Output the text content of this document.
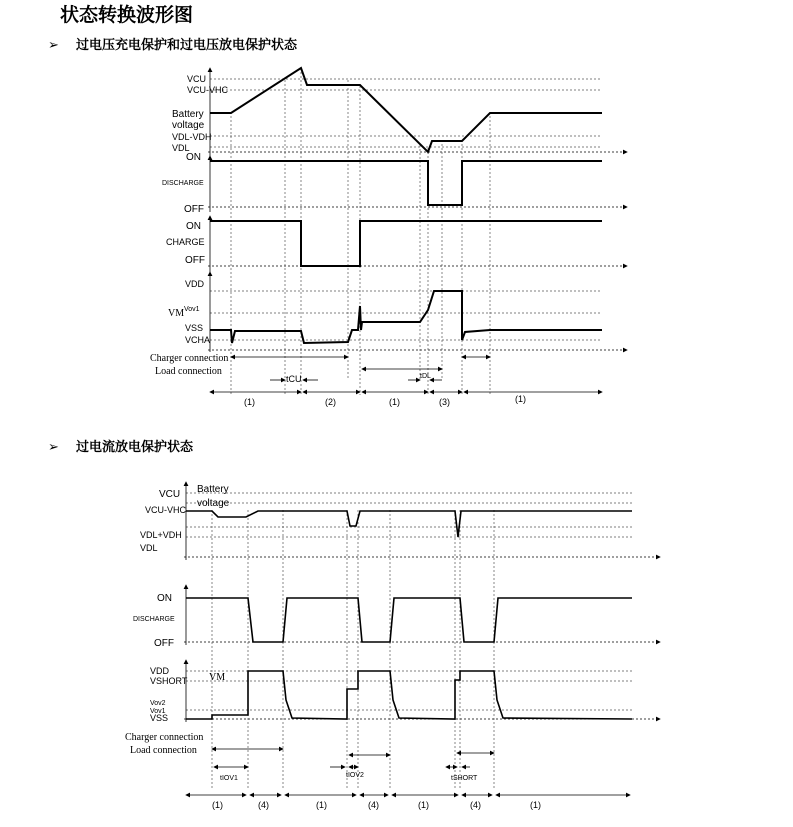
状态转换波形图
➢ 过电压充电保护和过电压放电保护状态
➢ 过电流放电保护状态
VCU
VCU-VHC
Battery
voltage
VDL-VDH
VDL
ON
DISCHARGE
OFF
ON
CHARGE
OFF
VDD
VM Vov1
VSS
VCHA
Charger connection
Load connection
tCU	tDL
(1)	(2)	(1)	(3)	(1)
VCU Battery
voltage
VCU-VHC
VDL+VDH
VDL
ON
DISCHARGE
OFF
VDD
VSHORT VM
Vov2
Vov1
VSS
Charger connection
Load connection
tIOV1	tIOV2	tSHORT
(1)	(4)	(1)	(4)	(1)	(4)	(1)
